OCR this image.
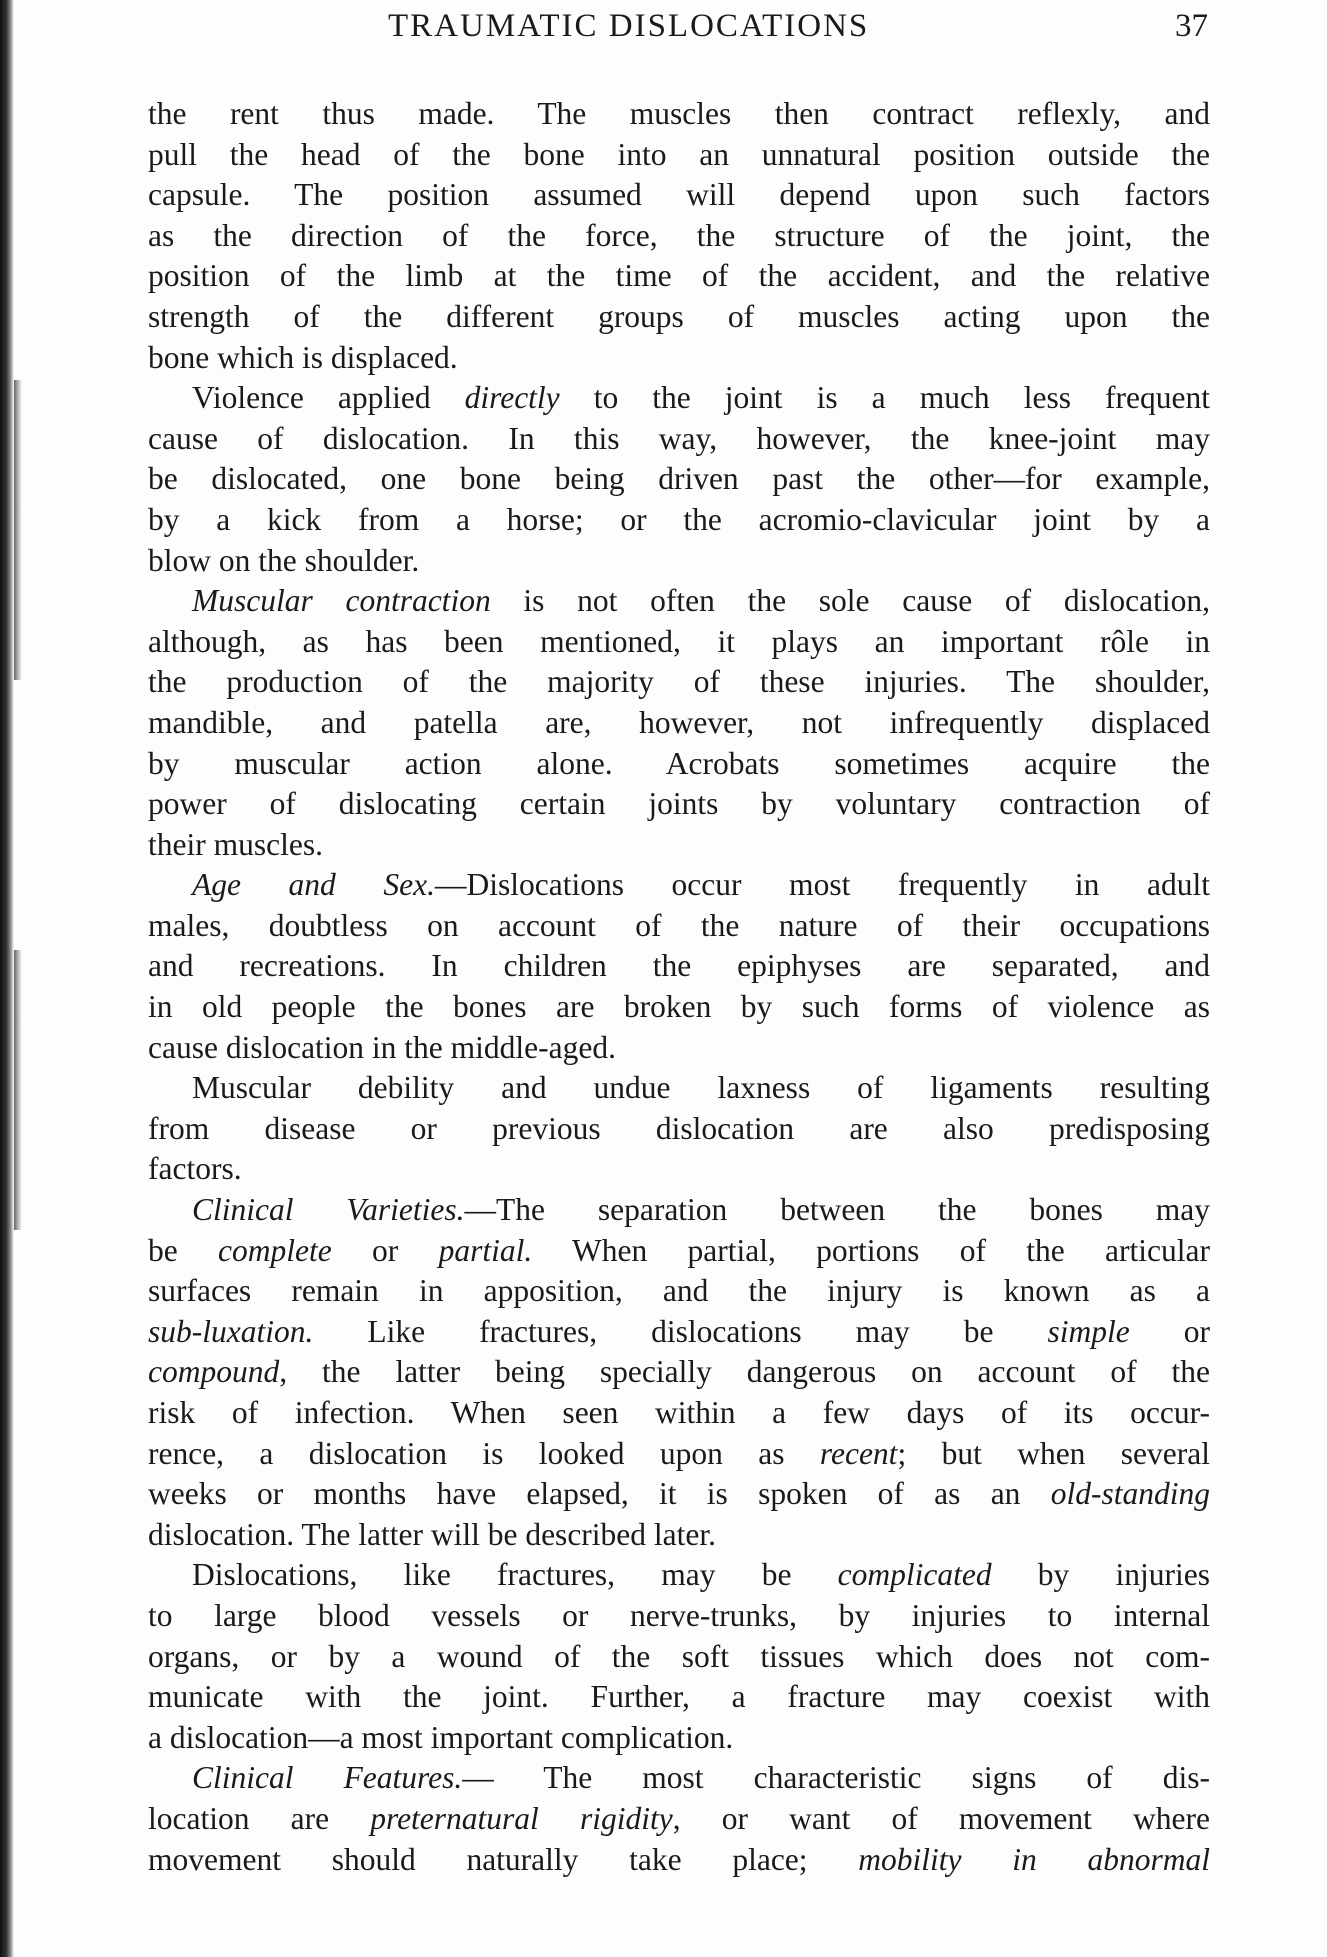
TRAUMATIC DISLOCATIONS	37
the rent thus made. The muscles then contract reflexly, and
pull the head of the bone into an unnatural position outside the
capsule. The position assumed will depend upon such factors
as the direction of the force, the structure of the joint, the
position of the limb at the time of the accident, and the relative
strength of the different groups of muscles acting upon the
bone which is displaced.
Violence applied directly to the joint is a much less frequent
cause of dislocation. In this way, however, the knee-joint may
be dislocated, one bone being driven past the other—for example,
by a kick from a horse; or the acromio-clavicular joint by a
blow on the shoulder.
Muscular contraction is not often the sole cause of dislocation,
although, as has been mentioned, it plays an important rôle in
the production of the majority of these injuries. The shoulder,
mandible, and patella are, however, not infrequently displaced
by muscular action alone. Acrobats sometimes acquire the
power of dislocating certain joints by voluntary contraction of
their muscles.
Age and Sex.—Dislocations occur most frequently in adult
males, doubtless on account of the nature of their occupations
and recreations. In children the epiphyses are separated, and
in old people the bones are broken by such forms of violence as
cause dislocation in the middle-aged.
Muscular debility and undue laxness of ligaments resulting
from disease or previous dislocation are also predisposing
factors.
Clinical Varieties.—The separation between the bones may
be complete or partial. When partial, portions of the articular
surfaces remain in apposition, and the injury is known as a
sub-luxation. Like fractures, dislocations may be simple or
compound, the latter being specially dangerous on account of the
risk of infection. When seen within a few days of its occur-
rence, a dislocation is looked upon as recent; but when several
weeks or months have elapsed, it is spoken of as an old-standing
dislocation. The latter will be described later.
Dislocations, like fractures, may be complicated by injuries
to large blood vessels or nerve-trunks, by injuries to internal
organs, or by a wound of the soft tissues which does not com-
municate with the joint. Further, a fracture may coexist with
a dislocation—a most important complication.
Clinical Features.— The most characteristic signs of dis-
location are preternatural rigidity, or want of movement where
movement should naturally take place; mobility in abnormal
